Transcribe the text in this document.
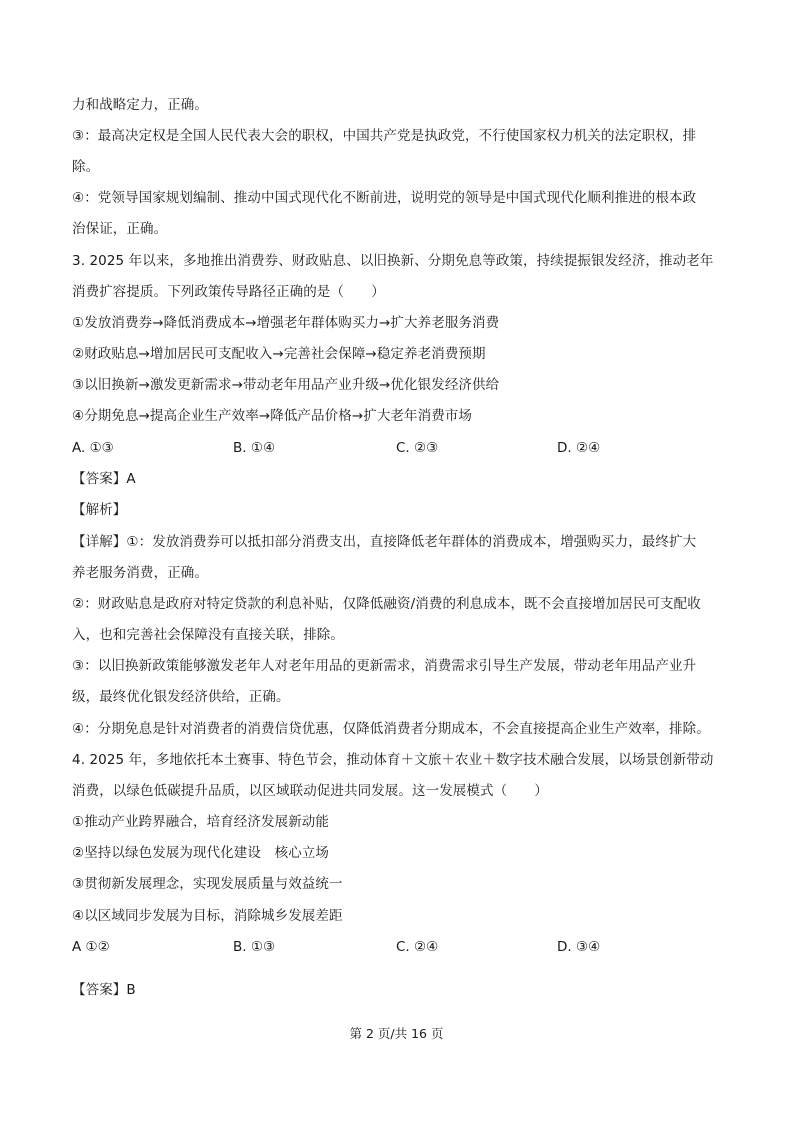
力和战略定力，正确。
③：最高决定权是全国人民代表大会的职权，中国共产党是执政党，不行使国家权力机关的法定职权，排
除。
④：党领导国家规划编制、推动中国式现代化不断前进，说明党的领导是中国式现代化顺利推进的根本政
治保证，正确。
3. 2025 年以来，多地推出消费券、财政贴息、以旧换新、分期免息等政策，持续提振银发经济，推动老年
消费扩容提质。下列政策传导路径正确的是（　　）
①发放消费券→降低消费成本→增强老年群体购买力→扩大养老服务消费
②财政贴息→增加居民可支配收入→完善社会保障→稳定养老消费预期
③以旧换新→激发更新需求→带动老年用品产业升级→优化银发经济供给
④分期免息→提高企业生产效率→降低产品价格→扩大老年消费市场
A. ①③	B. ①④	C. ②③	D. ②④
【答案】A
【解析】
【详解】①：发放消费券可以抵扣部分消费支出，直接降低老年群体的消费成本，增强购买力，最终扩大
养老服务消费，正确。
②：财政贴息是政府对特定贷款的利息补贴，仅降低融资/消费的利息成本，既不会直接增加居民可支配收
入，也和完善社会保障没有直接关联，排除。
③：以旧换新政策能够激发老年人对老年用品的更新需求，消费需求引导生产发展，带动老年用品产业升
级，最终优化银发经济供给，正确。
④：分期免息是针对消费者的消费信贷优惠，仅降低消费者分期成本，不会直接提高企业生产效率，排除。
4. 2025 年，多地依托本土赛事、特色节会，推动体育＋文旅＋农业＋数字技术融合发展，以场景创新带动
消费，以绿色低碳提升品质，以区域联动促进共同发展。这一发展模式（　　）
①推动产业跨界融合，培育经济发展新动能
②坚持以绿色发展为现代化建设　核心立场
③贯彻新发展理念，实现发展质量与效益统一
④以区域同步发展为目标，消除城乡发展差距
A ①②	B. ①③	C. ②④	D. ③④
【答案】B
第 2 页/共 16 页
